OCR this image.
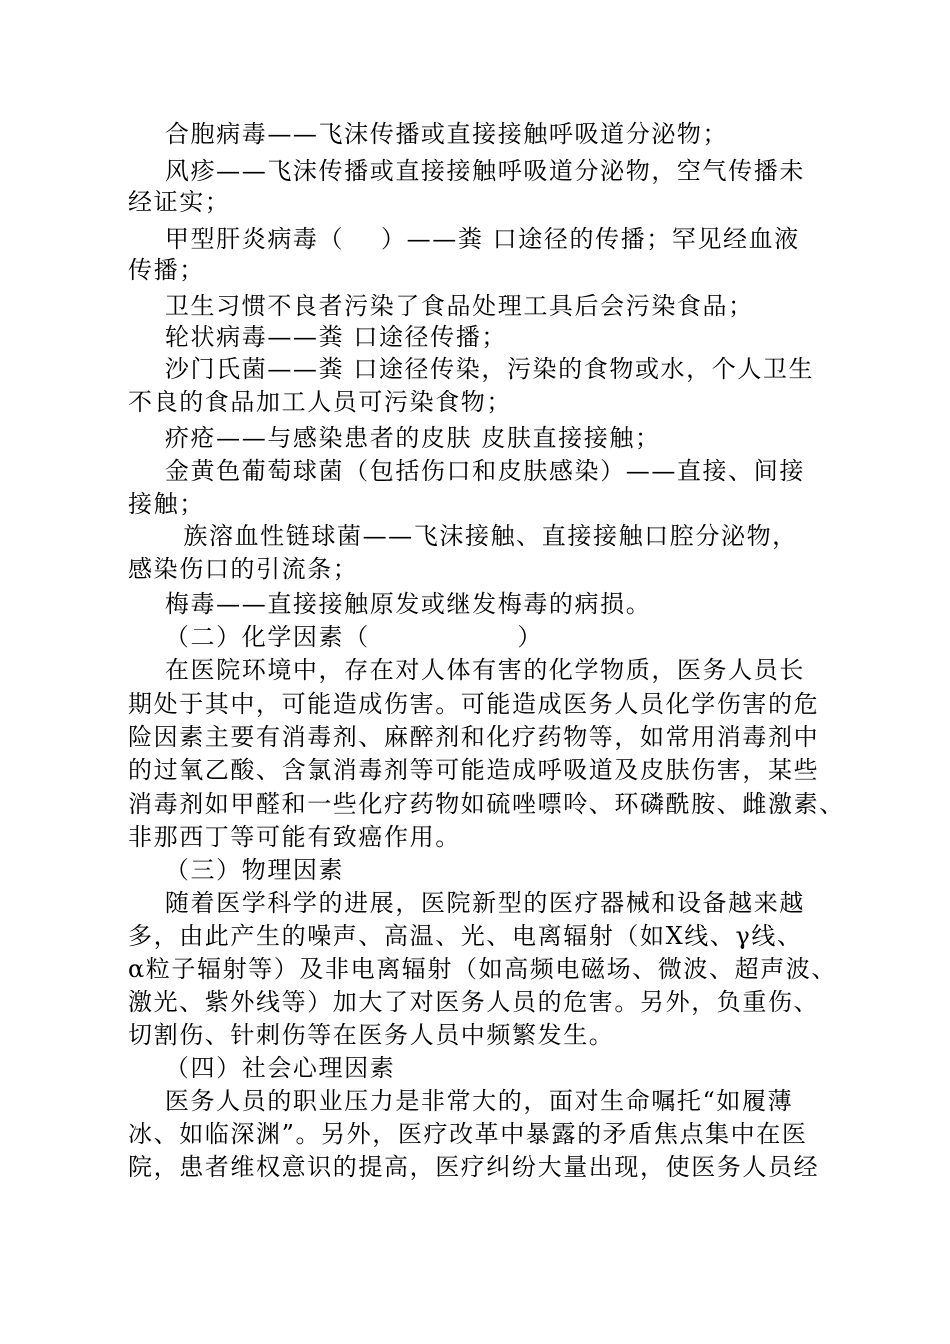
合胞病毒——飞沫传播或直接接触呼吸道分泌物；
风疹——飞沫传播或直接接触呼吸道分泌物，空气传播未
经证实；
甲型肝炎病毒（    ）——粪 口途径的传播；罕见经血液
传播；
卫生习惯不良者污染了食品处理工具后会污染食品；
轮状病毒——粪 口途径传播；
沙门氏菌——粪 口途径传染，污染的食物或水，个人卫生
不良的食品加工人员可污染食物；
疥疮——与感染患者的皮肤 皮肤直接接触；
金黄色葡萄球菌（包括伤口和皮肤感染）——直接、间接
接触；
族溶血性链球菌——飞沫接触、直接接触口腔分泌物，
感染伤口的引流条；
梅毒——直接接触原发或继发梅毒的病损。
（二）化学因素（                ）
在医院环境中，存在对人体有害的化学物质，医务人员长
期处于其中，可能造成伤害。可能造成医务人员化学伤害的危
险因素主要有消毒剂、麻醉剂和化疗药物等，如常用消毒剂中
的过氧乙酸、含氯消毒剂等可能造成呼吸道及皮肤伤害，某些
消毒剂如甲醛和一些化疗药物如硫唑嘌呤、环磷酰胺、雌激素、
非那西丁等可能有致癌作用。
（三）物理因素
随着医学科学的进展，医院新型的医疗器械和设备越来越
多，由此产生的噪声、高温、光、电离辐射（如X线、γ线、
α粒子辐射等）及非电离辐射（如高频电磁场、微波、超声波、
激光、紫外线等）加大了对医务人员的危害。另外，负重伤、
切割伤、针刺伤等在医务人员中频繁发生。
（四）社会心理因素
医务人员的职业压力是非常大的，面对生命嘱托“如履薄
冰、如临深渊”。另外，医疗改革中暴露的矛盾焦点集中在医
院，患者维权意识的提高，医疗纠纷大量出现，使医务人员经
